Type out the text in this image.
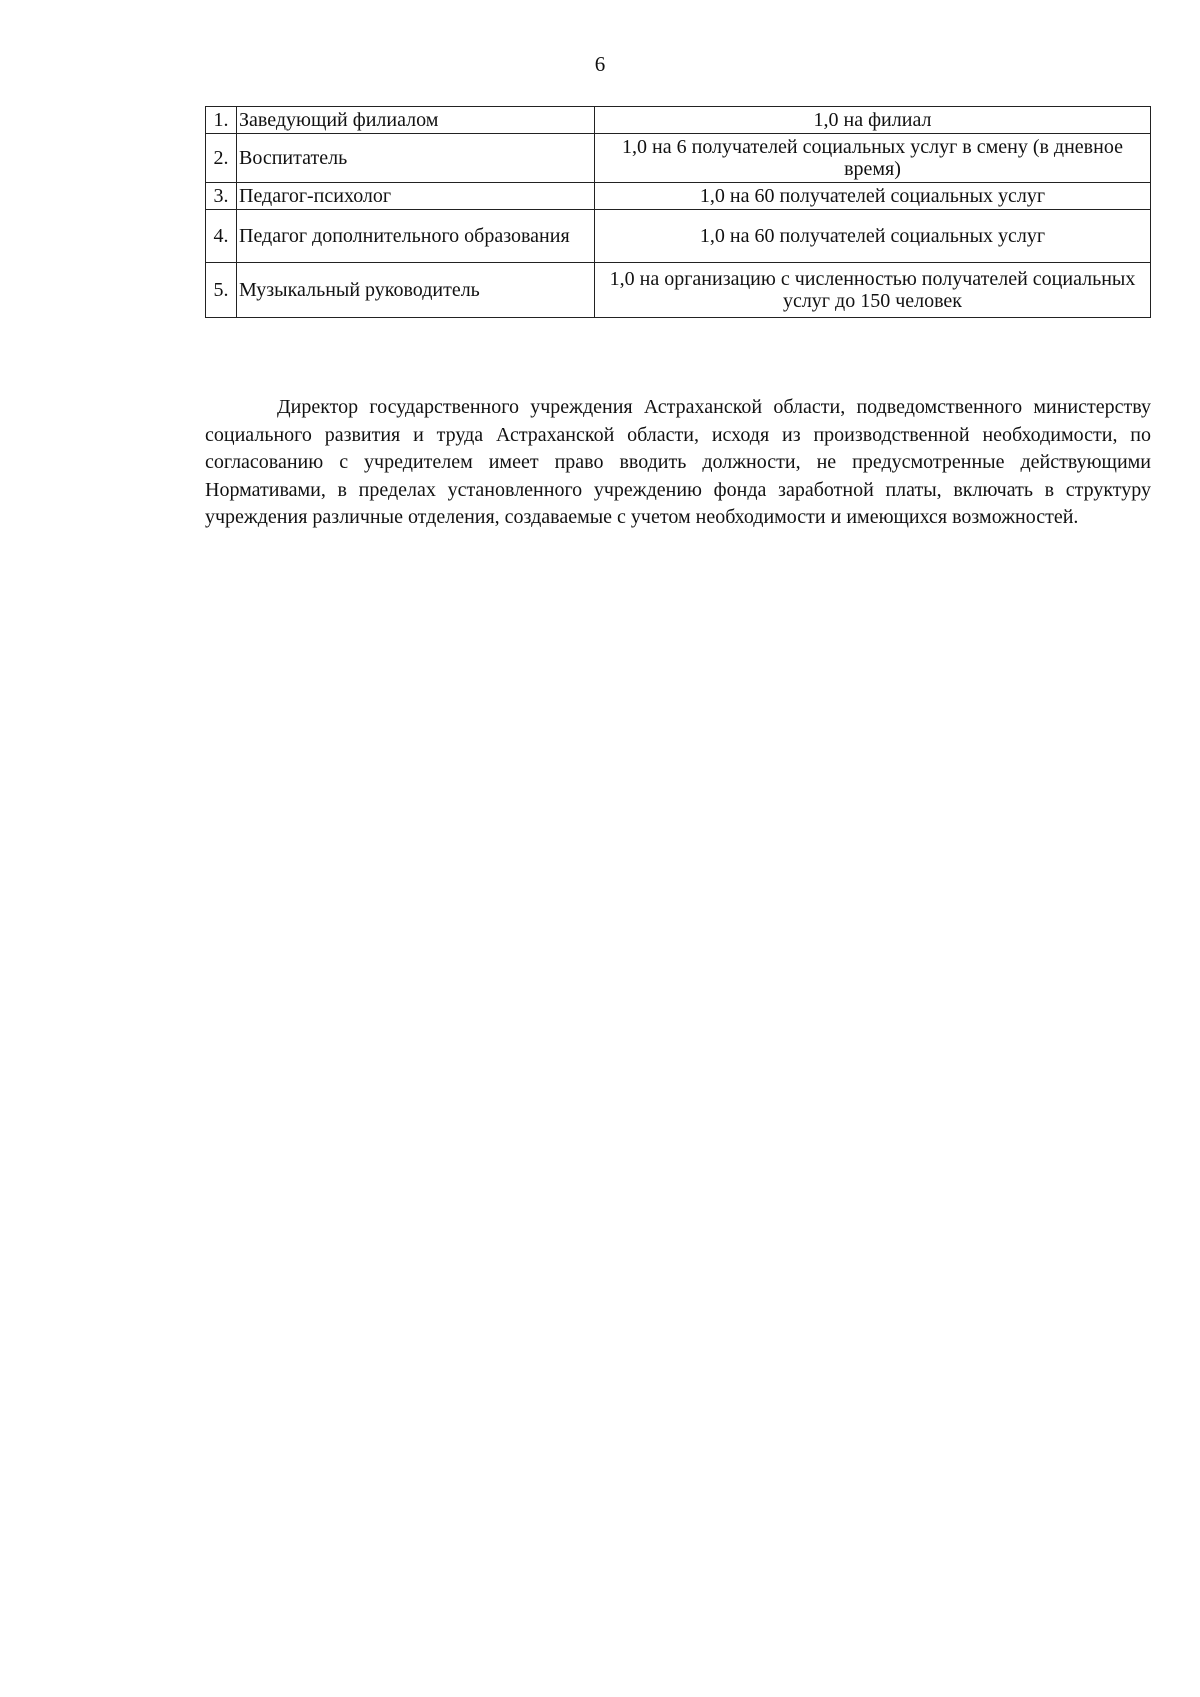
6
1.	Заведующий филиалом	1,0 на филиал
2.	Воспитатель	1,0 на 6 получателей социальных услуг в смену (в дневное время)
3.	Педагог-психолог	1,0 на 60 получателей социальных услуг
4.	Педагог дополнительного образования	1,0 на 60 получателей социальных услуг
5.	Музыкальный руководитель	1,0 на организацию с численностью получателей социальных услуг до 150 человек

Директор государственного учреждения Астраханской области, подведомственного министерству социального развития и труда Астраханской области, исходя из производственной необходимости, по согласованию с учредителем имеет право вводить должности, не предусмотренные действующими Нормативами, в пределах установленного учреждению фонда заработной платы, включать в структуру учреждения различные отделения, создаваемые с учетом необходимости и имеющихся возможностей.
